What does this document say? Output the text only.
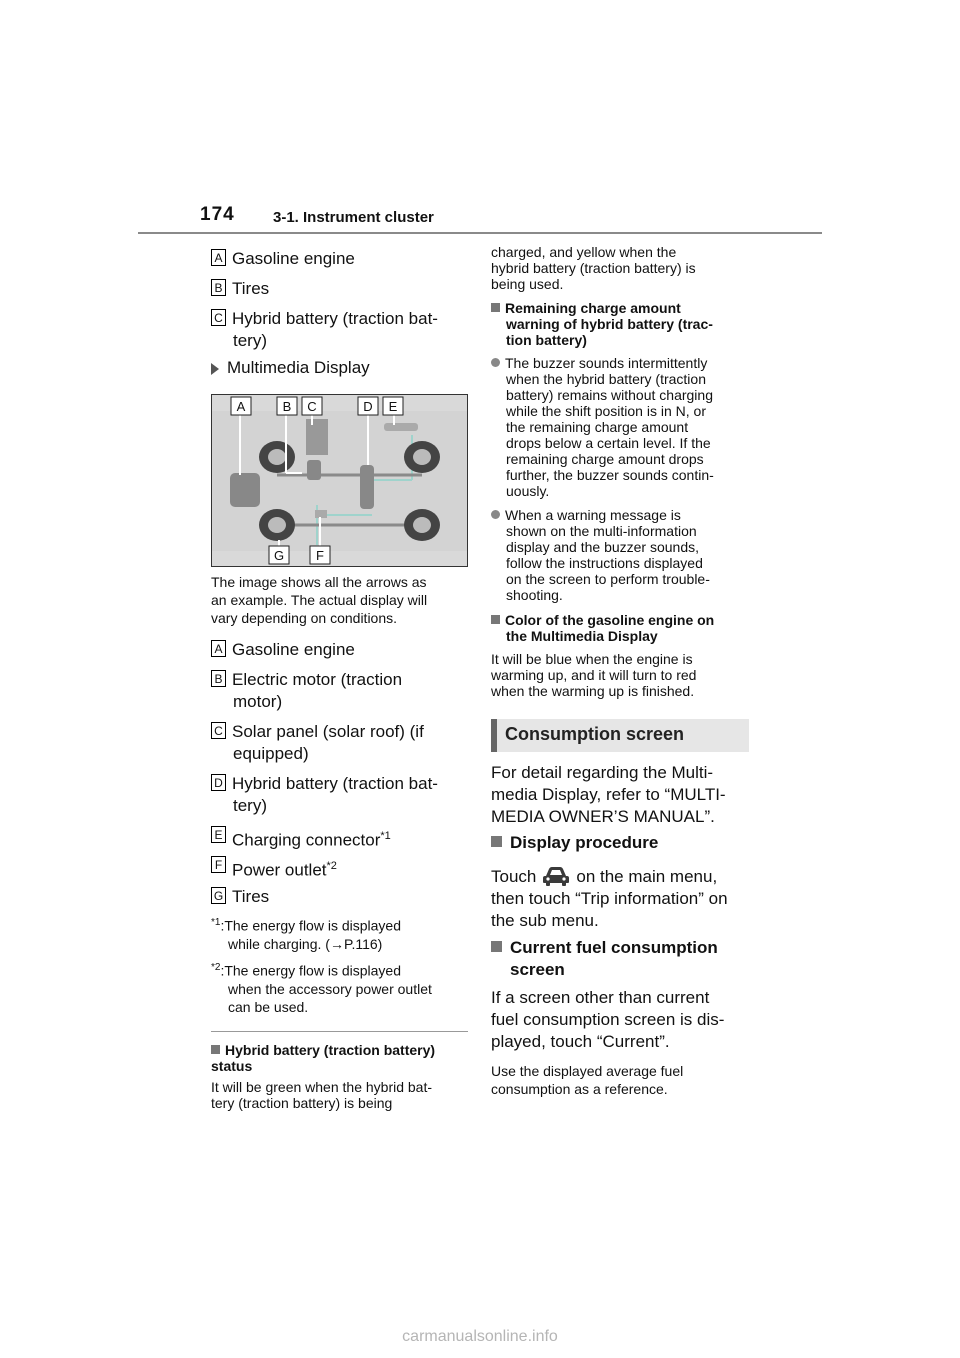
174	3-1. Instrument cluster
A Gasoline engine
B Tires
C Hybrid battery (traction bat-
tery)
Multimedia Display
A	B C	D E
F
G
The image shows all the arrows as
an example. The actual display will
vary depending on conditions.
A Gasoline engine
B Electric motor (traction
motor)
C Solar panel (solar roof) (if
equipped)
D Hybrid battery (traction bat-
tery)
E Charging connector$^{*1}$
F Power outlet$^{*2}$
G Tires
$^{*1}$:The energy flow is displayed
while charging. (→P.116)
$^{*2}$:The energy flow is displayed
when the accessory power outlet
can be used.
Hybrid battery (traction battery)
status
It will be green when the hybrid bat-
tery (traction battery) is being
charged, and yellow when the
hybrid battery (traction battery) is
being used.
Remaining charge amount
warning of hybrid battery (trac-
tion battery)
The buzzer sounds intermittently
when the hybrid battery (traction
battery) remains without charging
while the shift position is in N, or
the remaining charge amount
drops below a certain level. If the
remaining charge amount drops
further, the buzzer sounds contin-
uously.
When a warning message is
shown on the multi-information
display and the buzzer sounds,
follow the instructions displayed
on the screen to perform trouble-
shooting.
Color of the gasoline engine on
the Multimedia Display
It will be blue when the engine is
warming up, and it will turn to red
when the warming up is finished.
Consumption screen
For detail regarding the Multi-
media Display, refer to “MULTI-
MEDIA OWNER’S MANUAL”.
Display procedure
Touch on the main menu,
then touch “Trip information” on
the sub menu.
Current fuel consumption
screen
If a screen other than current
fuel consumption screen is dis-
played, touch “Current”.
Use the displayed average fuel
consumption as a reference.
carmanualsonline.info
